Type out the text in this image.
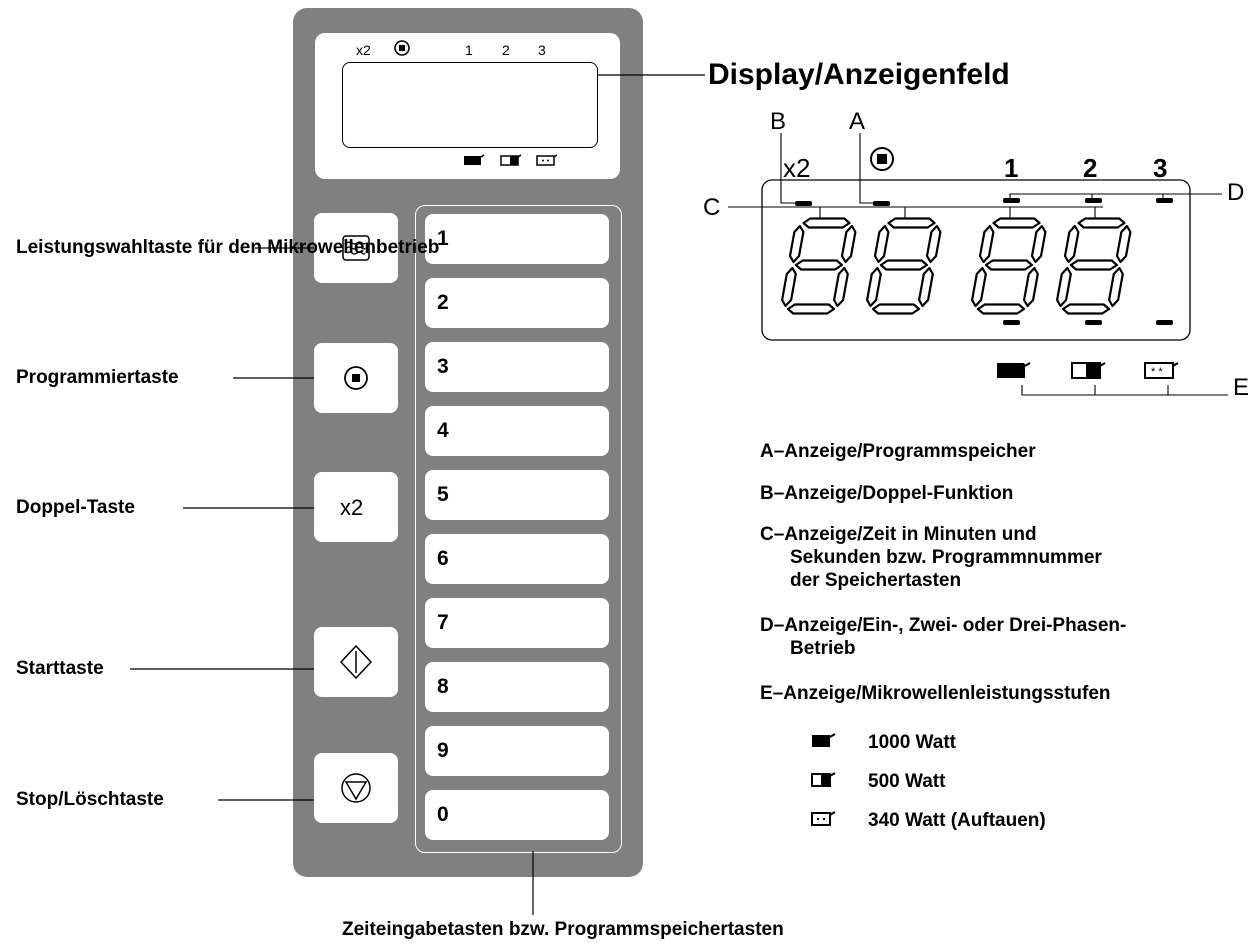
x2	1 2 3
x2
1
2
3
4
5
6
7
8
9
0
Leistungswahltaste für den Mikrowellenbetrieb
Programmiertaste
Doppel-Taste
Starttaste
Stop/Löschtaste
Zeiteingabetasten bzw. Programmspeichertasten
Display/Anzeigenfeld
B	A
C
D
E
x2	1 2 3
* *
A–Anzeige/Programmspeicher
B–Anzeige/Doppel-Funktion
C–Anzeige/Zeit in Minuten und
Sekunden bzw. Programmnummer
der Speichertasten
D–Anzeige/Ein-, Zwei- oder Drei-Phasen-
Betrieb
E–Anzeige/Mikrowellenleistungsstufen
1000 Watt
500 Watt
340 Watt (Auftauen)
